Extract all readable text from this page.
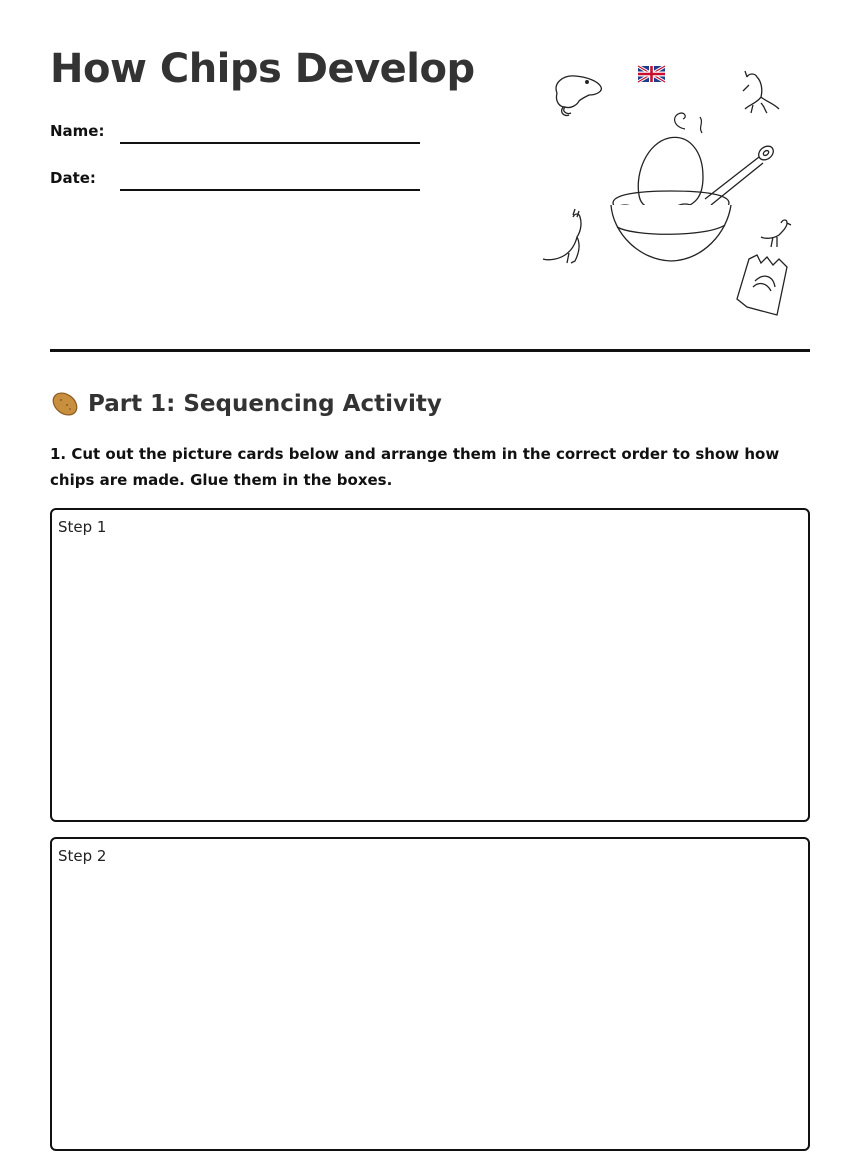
How Chips Develop
Name:
Date:
Part 1: Sequencing Activity

1. Cut out the picture cards below and arrange them in the correct order to show how chips are made. Glue them in the boxes.

Step 1
Step 2
